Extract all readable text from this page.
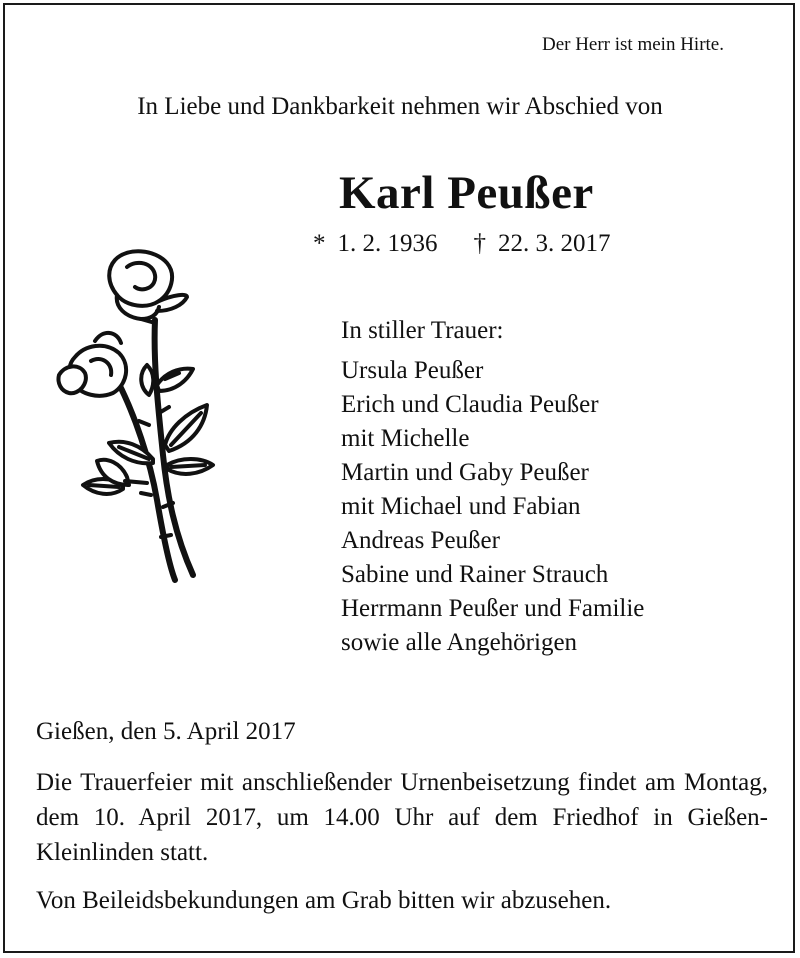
Der Herr ist mein Hirte.
In Liebe und Dankbarkeit nehmen wir Abschied von
Karl Peußer
* 1. 2. 1936 † 22. 3. 2017
In stiller Trauer:
Ursula Peußer
Erich und Claudia Peußer
mit Michelle
Martin und Gaby Peußer
mit Michael und Fabian
Andreas Peußer
Sabine und Rainer Strauch
Herrmann Peußer und Familie
sowie alle Angehörigen
Gießen, den 5. April 2017
Die Trauerfeier mit anschließender Urnenbeisetzung findet am Montag, dem 10. April 2017, um 14.00 Uhr auf dem Friedhof in Gießen-Kleinlinden statt.
Von Beileidsbekundungen am Grab bitten wir abzusehen.
